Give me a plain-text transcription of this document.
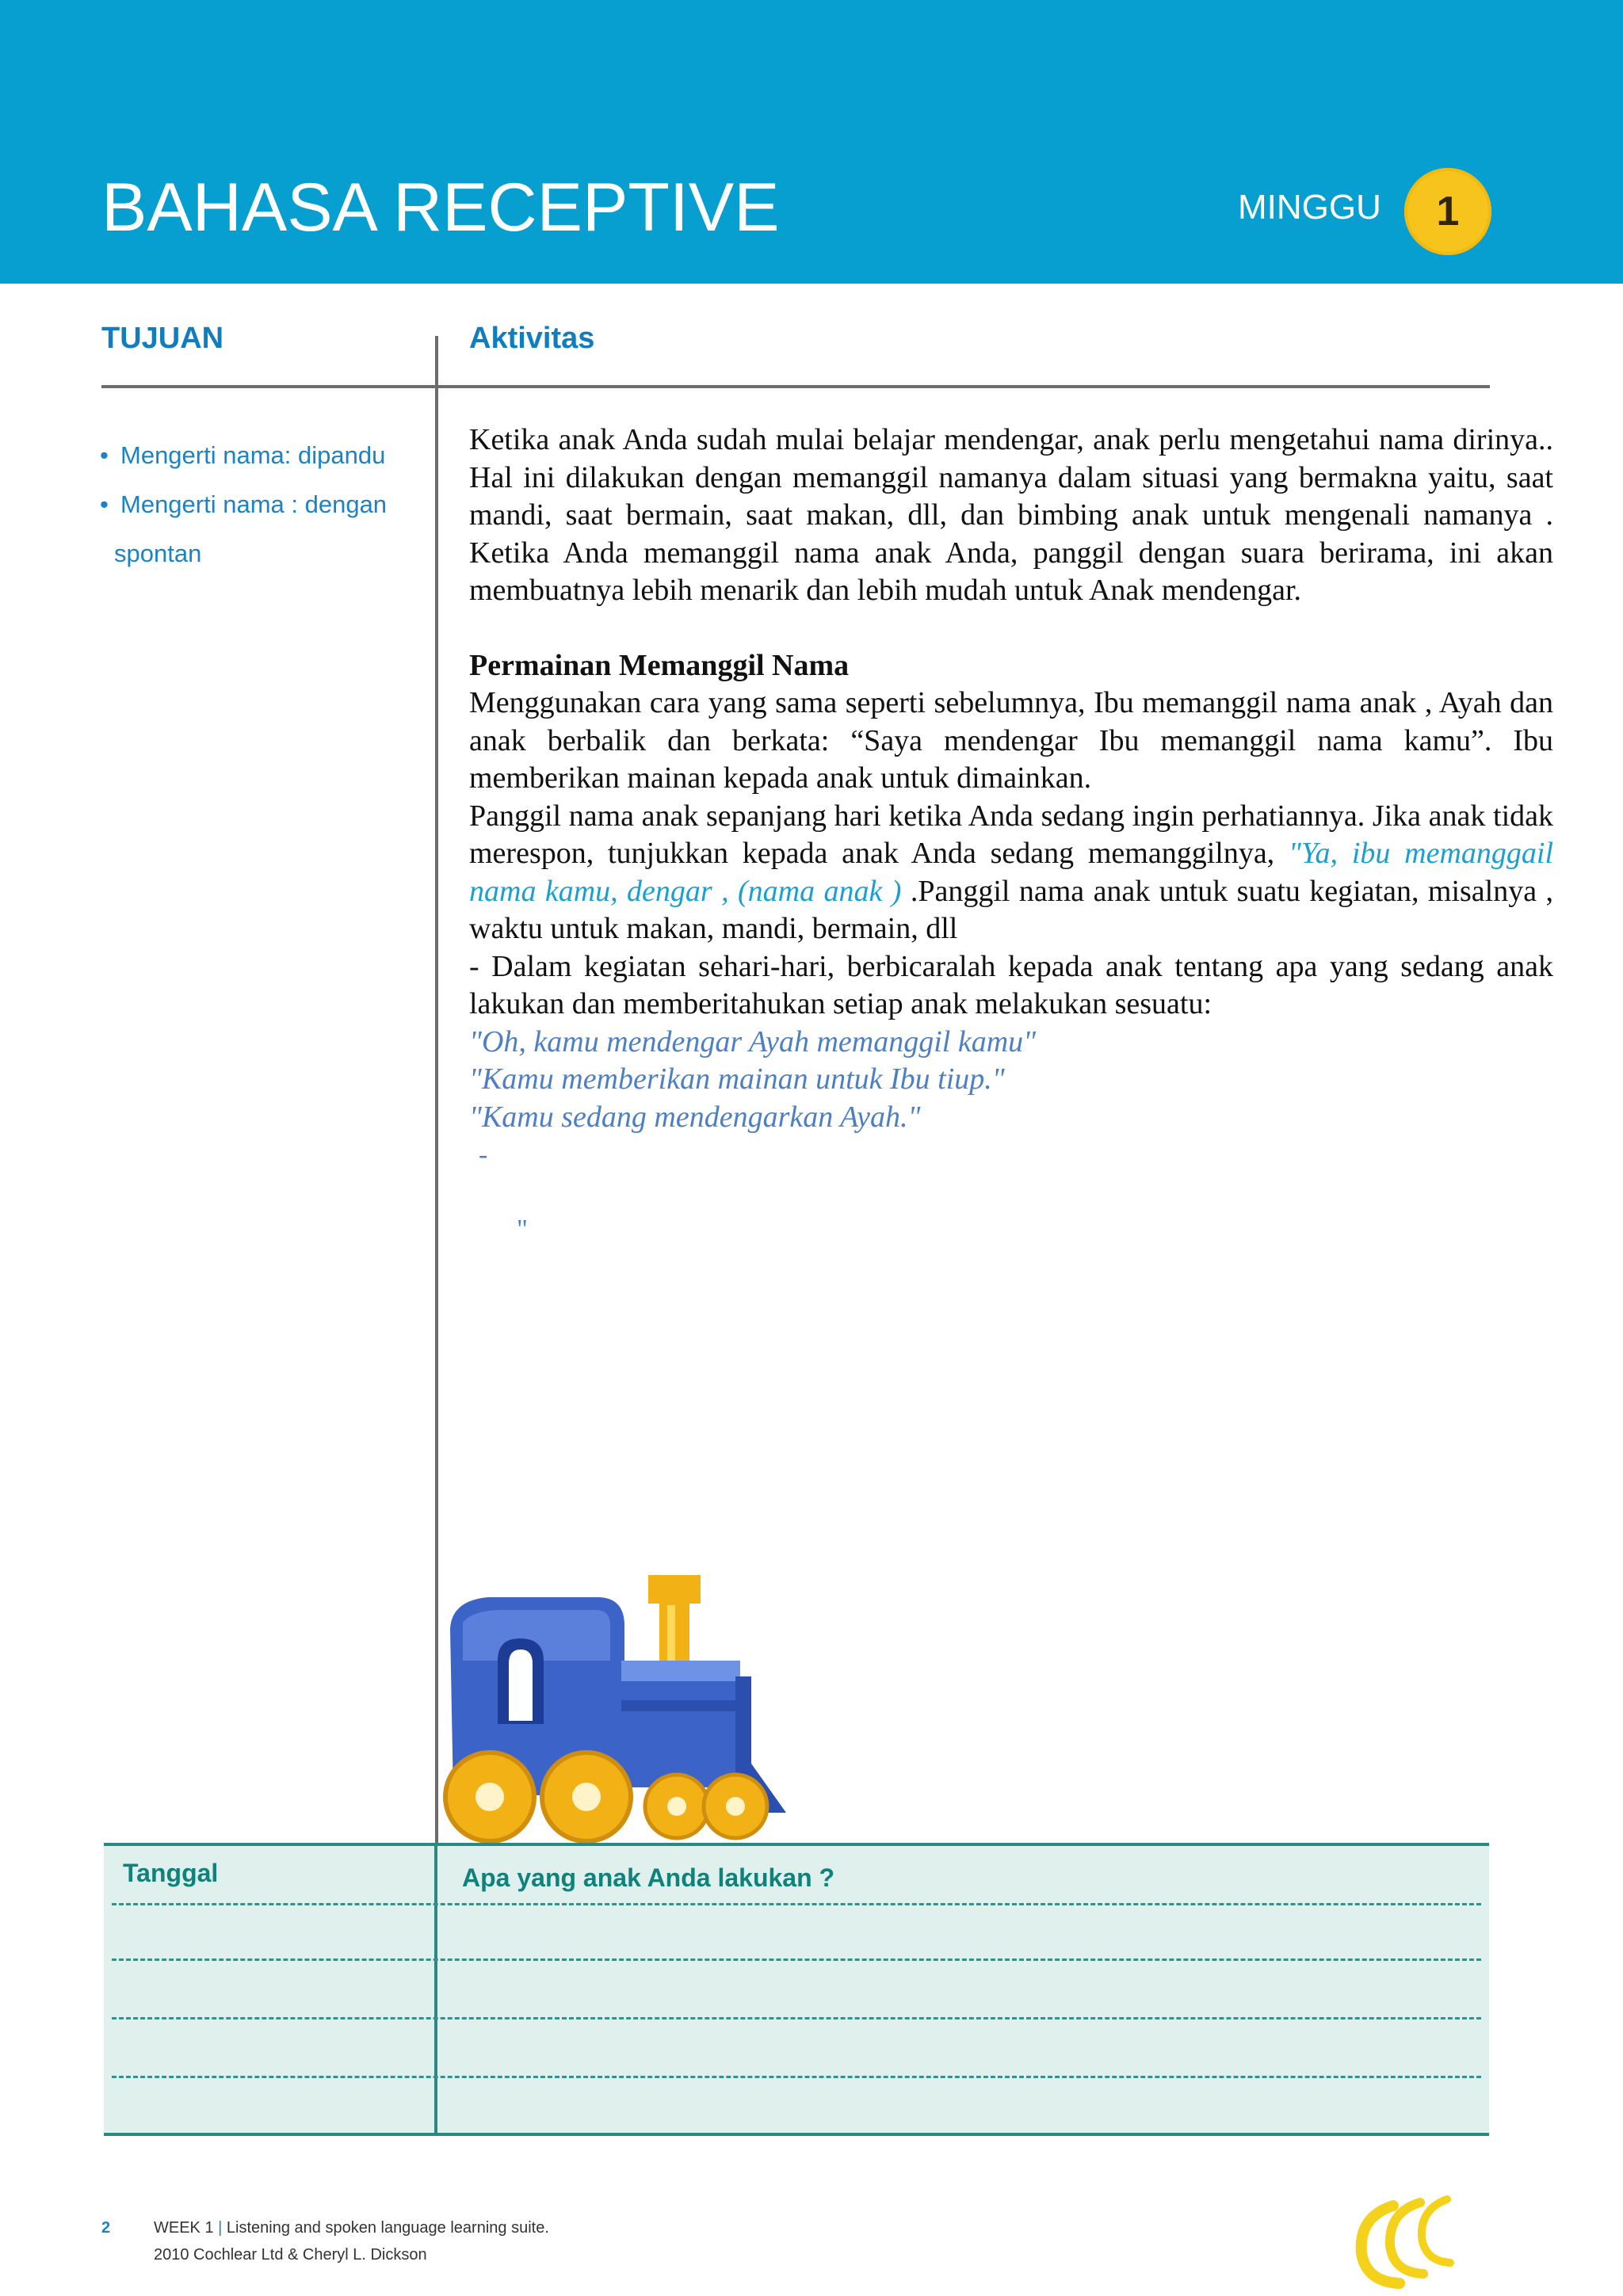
BAHASA RECEPTIVE	MINGGU	1
TUJUAN	Aktivitas
• Mengerti nama: dipandu
• Mengerti nama : dengan
spontan

Ketika anak Anda sudah mulai belajar mendengar, anak perlu mengetahui nama dirinya.. Hal ini dilakukan dengan memanggil namanya dalam situasi yang bermakna yaitu, saat mandi, saat bermain, saat makan, dll, dan bimbing anak untuk mengenali namanya . Ketika Anda memanggil nama anak Anda, panggil dengan suara berirama, ini akan membuatnya lebih menarik dan lebih mudah untuk Anak mendengar.

Permainan Memanggil Nama

Menggunakan cara yang sama seperti sebelumnya, Ibu memanggil nama anak , Ayah dan anak berbalik dan berkata: “Saya mendengar Ibu memanggil nama kamu”. Ibu memberikan mainan kepada anak untuk dimainkan.

Panggil nama anak sepanjang hari ketika Anda sedang ingin perhatiannya. Jika anak tidak merespon, tunjukkan kepada anak Anda sedang memanggilnya, "Ya, ibu memanggail nama kamu, dengar , (nama anak ) .Panggil nama anak untuk suatu kegiatan, misalnya , waktu untuk makan, mandi, bermain, dll

- Dalam kegiatan sehari-hari, berbicaralah kepada anak tentang apa yang sedang anak lakukan dan memberitahukan setiap anak melakukan sesuatu:

"Oh, kamu mendengar Ayah memanggil kamu"

"Kamu memberikan mainan untuk Ibu tiup."

"Kamu sedang mendengarkan Ayah."

-

"

Tanggal	Apa yang anak Anda lakukan ?
2	WEEK 1 | Listening and spoken language learning suite.
2010 Cochlear Ltd & Cheryl L. Dickson
